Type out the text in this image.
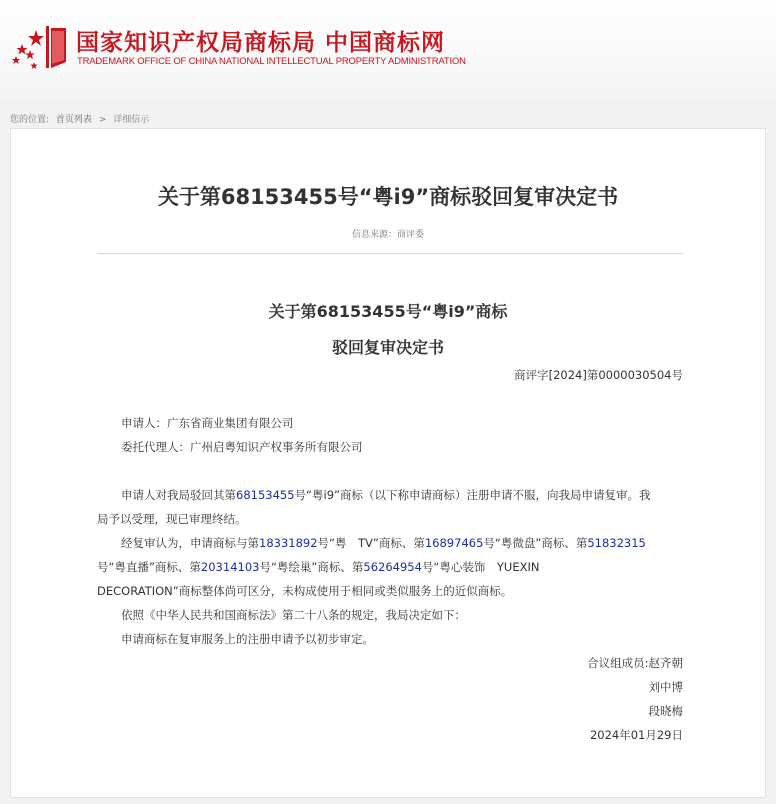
国家知识产权局商标局 中国商标网
TRADEMARK OFFICE OF CHINA NATIONAL INTELLECTUAL PROPERTY ADMINISTRATION
您的位置: 首页列表 > 详细信示
关于第68153455号“粤i9”商标驳回复审决定书
信息来源：商评委
关于第68153455号“粤i9”商标
驳回复审决定书
商评字[2024]第0000030504号
申请人：广东省商业集团有限公司
委托代理人：广州启粤知识产权事务所有限公司
申请人对我局驳回其第68153455号“粤i9”商标（以下称申请商标）注册申请不服，向我局申请复审。我
局予以受理，现已审理终结。
经复审认为，申请商标与第18331892号“粤　TV”商标、第16897465号“粤微盘”商标、第51832315
号“粤直播”商标、第20314103号“粤绘巢”商标、第56264954号“粤心装饰　YUEXIN
DECORATION”商标整体尚可区分，未构成使用于相同或类似服务上的近似商标。
依照《中华人民共和国商标法》第二十八条的规定，我局决定如下：
申请商标在复审服务上的注册申请予以初步审定。
合议组成员:赵齐朝
刘中博
段晓梅
2024年01月29日
